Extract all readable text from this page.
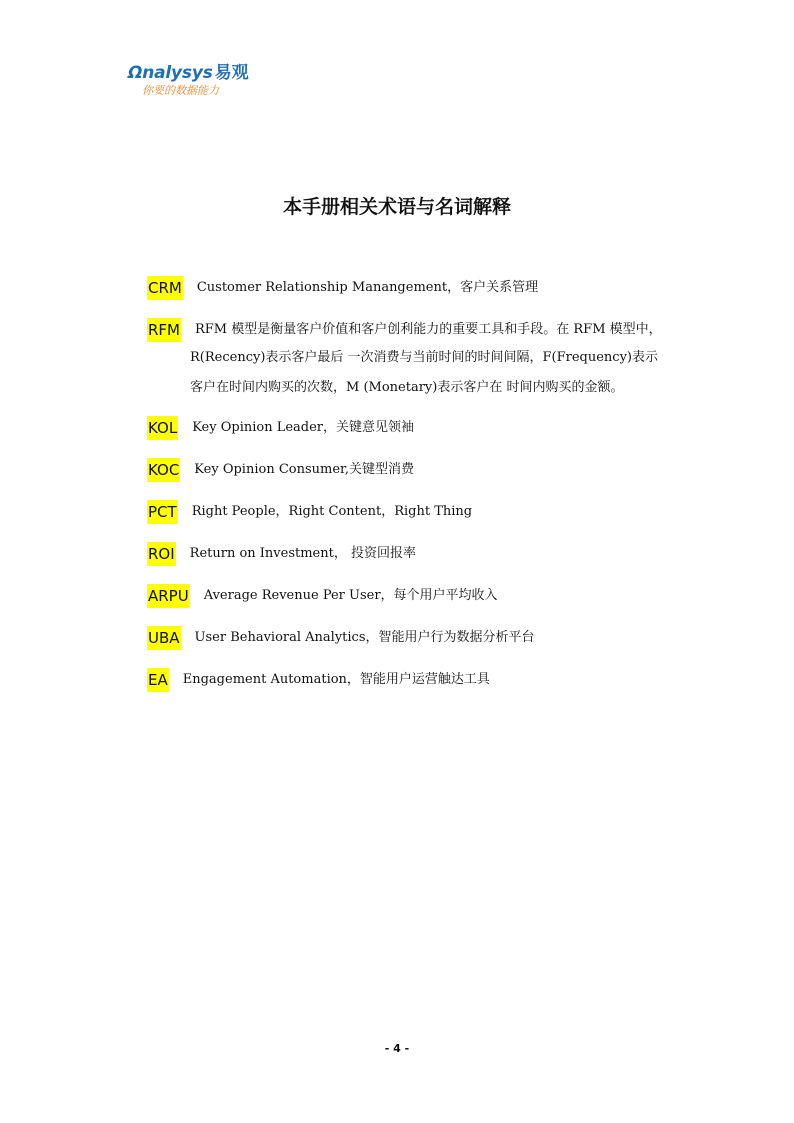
Ωnalysys 易观
你要的数据能力
本手册相关术语与名词解释
CRM Customer Relationship Manangement，客户关系管理
RFM RFM 模型是衡量客户价值和客户创利能力的重要工具和手段。在 RFM 模型中，
R(Recency)表示客户最后 一次消费与当前时间的时间间隔，F(Frequency)表示
客户在时间内购买的次数，M (Monetary)表示客户在 时间内购买的金额。
KOL Key Opinion Leader，关键意见领袖
KOC Key Opinion Consumer,关键型消费
PCT Right People，Right Content，Right Thing
ROI Return on Investment， 投资回报率
ARPU Average Revenue Per User，每个用户平均收入
UBA User Behavioral Analytics，智能用户行为数据分析平台
EA Engagement Automation，智能用户运营触达工具
- 4 -
